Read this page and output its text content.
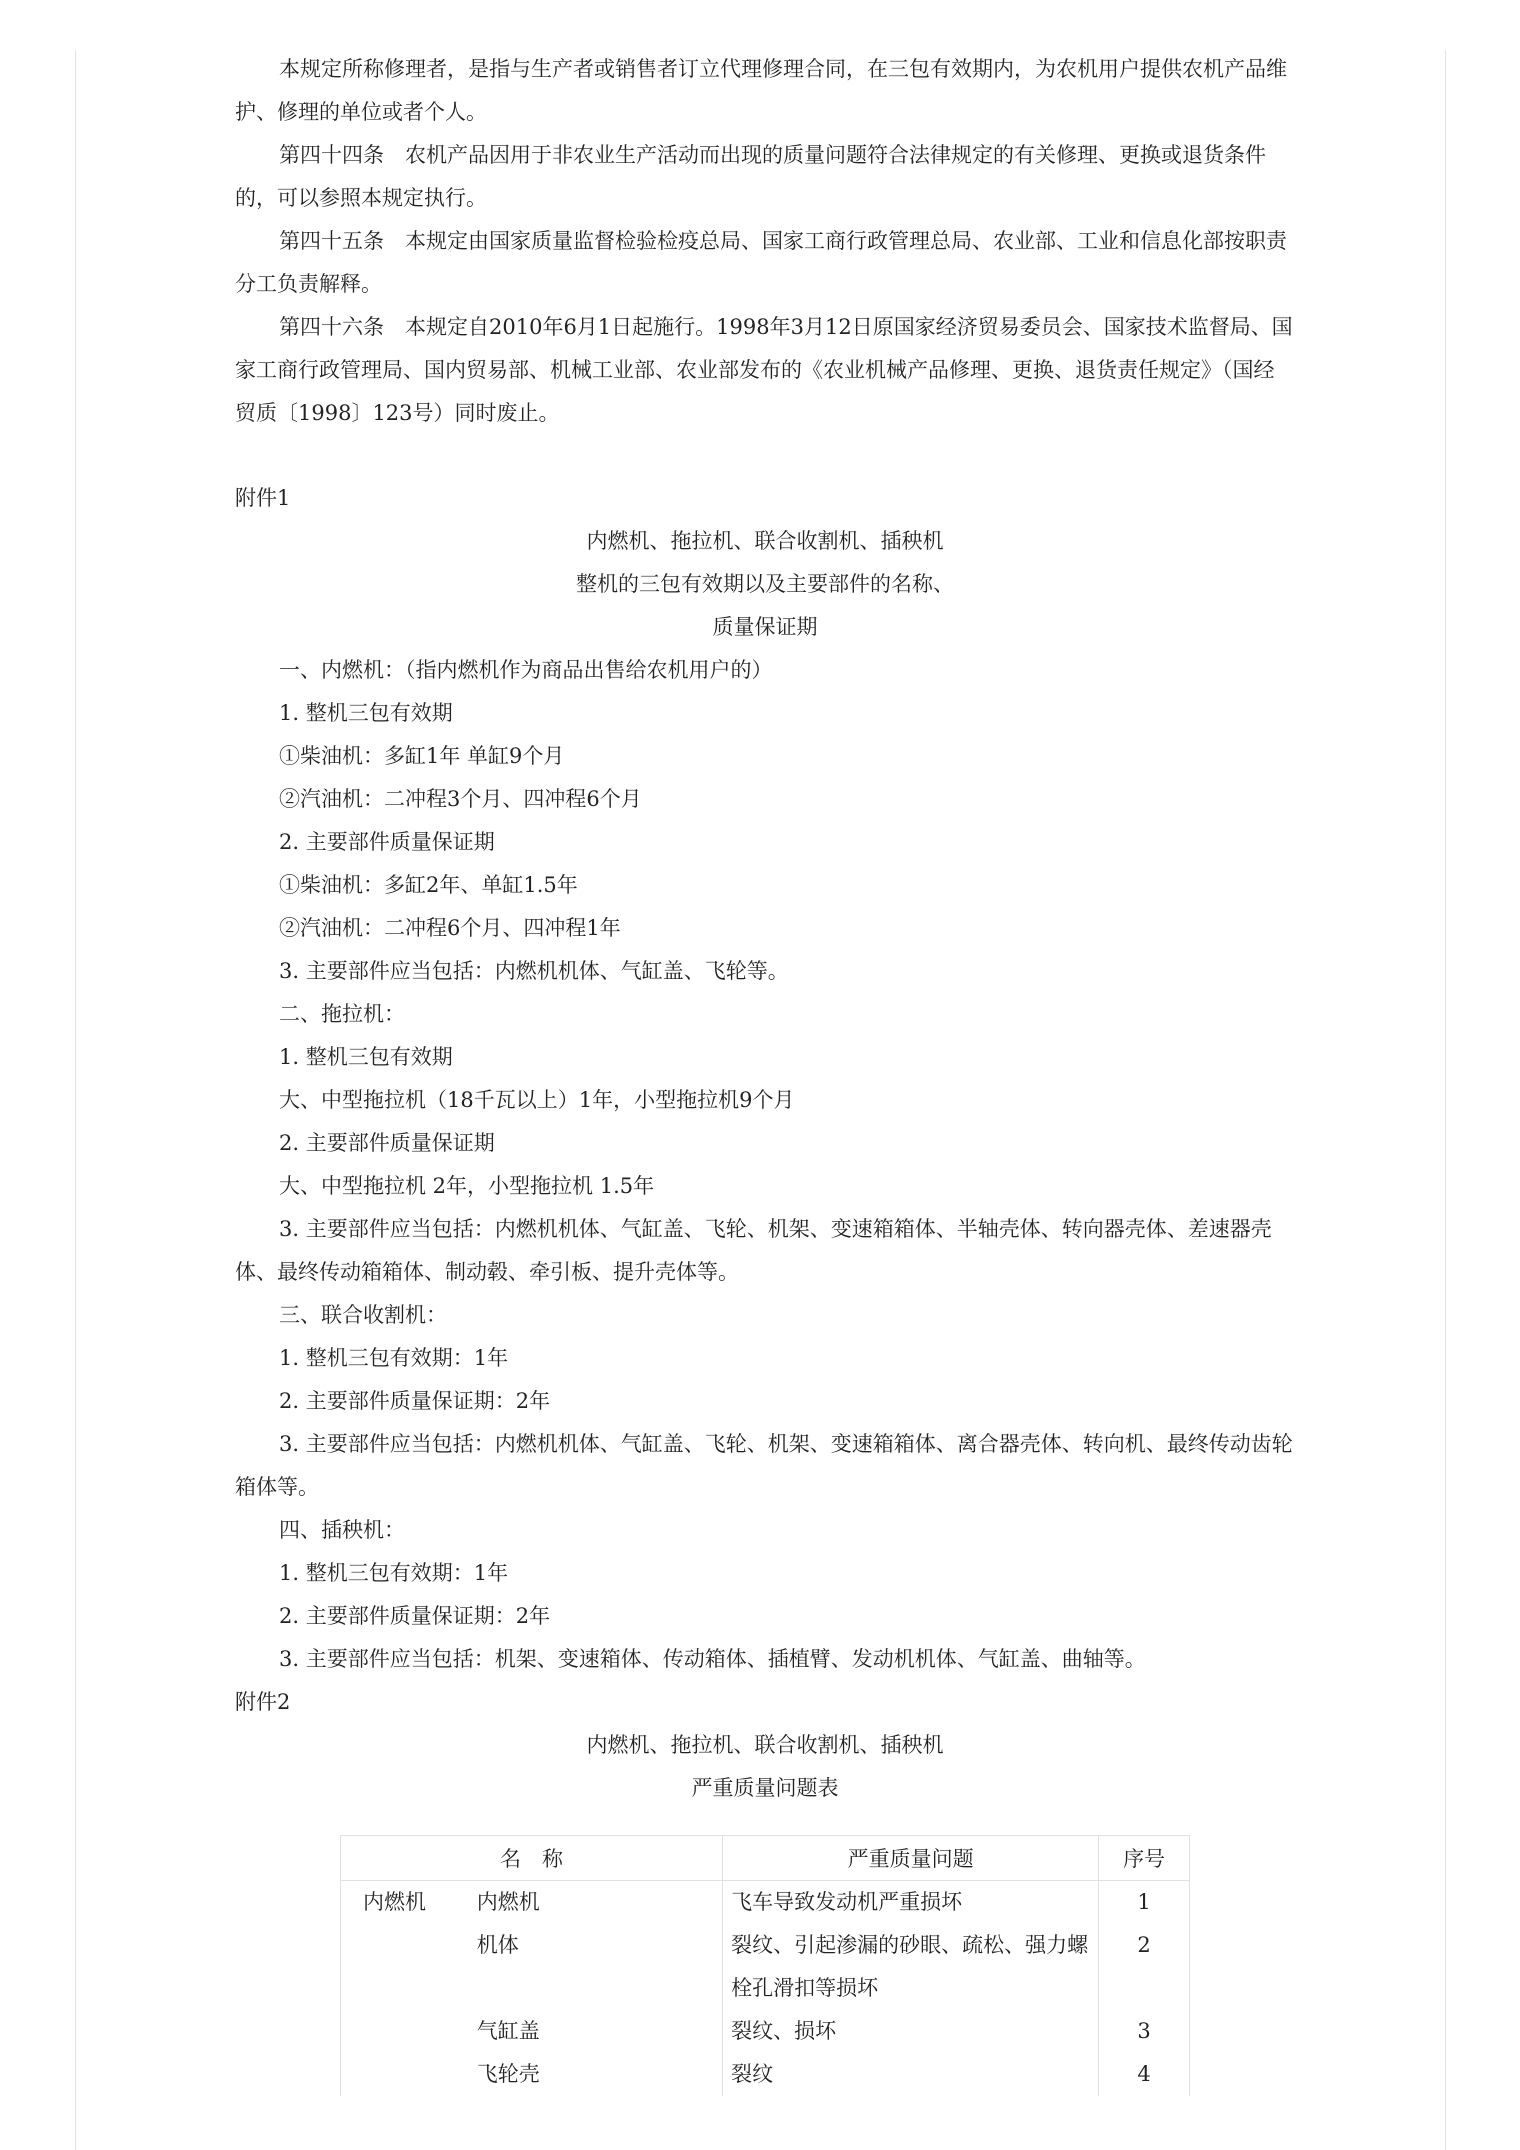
本规定所称修理者，是指与生产者或销售者订立代理修理合同，在三包有效期内，为农机用户提供农机产品维护、修理的单位或者个人。

第四十四条　农机产品因用于非农业生产活动而出现的质量问题符合法律规定的有关修理、更换或退货条件的，可以参照本规定执行。

第四十五条　本规定由国家质量监督检验检疫总局、国家工商行政管理总局、农业部、工业和信息化部按职责分工负责解释。

第四十六条　本规定自2010年6月1日起施行。1998年3月12日原国家经济贸易委员会、国家技术监督局、国家工商行政管理局、国内贸易部、机械工业部、农业部发布的《农业机械产品修理、更换、退货责任规定》（国经贸质〔1998〕123号）同时废止。

附件1

内燃机、拖拉机、联合收割机、插秧机

整机的三包有效期以及主要部件的名称、

质量保证期

一、内燃机：（指内燃机作为商品出售给农机用户的）

1. 整机三包有效期

①柴油机：多缸1年 单缸9个月

②汽油机：二冲程3个月、四冲程6个月

2. 主要部件质量保证期

①柴油机：多缸2年、单缸1.5年

②汽油机：二冲程6个月、四冲程1年

3. 主要部件应当包括：内燃机机体、气缸盖、飞轮等。

二、拖拉机：

1. 整机三包有效期

大、中型拖拉机（18千瓦以上）1年，小型拖拉机9个月

2. 主要部件质量保证期

大、中型拖拉机 2年，小型拖拉机 1.5年

3. 主要部件应当包括：内燃机机体、气缸盖、飞轮、机架、变速箱箱体、半轴壳体、转向器壳体、差速器壳体、最终传动箱箱体、制动毂、牵引板、提升壳体等。

三、联合收割机：

1. 整机三包有效期：1年

2. 主要部件质量保证期：2年

3. 主要部件应当包括：内燃机机体、气缸盖、飞轮、机架、变速箱箱体、离合器壳体、转向机、最终传动齿轮箱体等。

四、插秧机：

1. 整机三包有效期：1年

2. 主要部件质量保证期：2年

3. 主要部件应当包括：机架、变速箱体、传动箱体、插植臂、发动机机体、气缸盖、曲轴等。

附件2

内燃机、拖拉机、联合收割机、插秧机

严重质量问题表

名　称		严重质量问题	序号
内燃机	内燃机	飞车导致发动机严重损坏	1
	机体	裂纹、引起渗漏的砂眼、疏松、强力螺栓孔滑扣等损坏	2
	气缸盖	裂纹、损坏	3
	飞轮壳	裂纹	4
